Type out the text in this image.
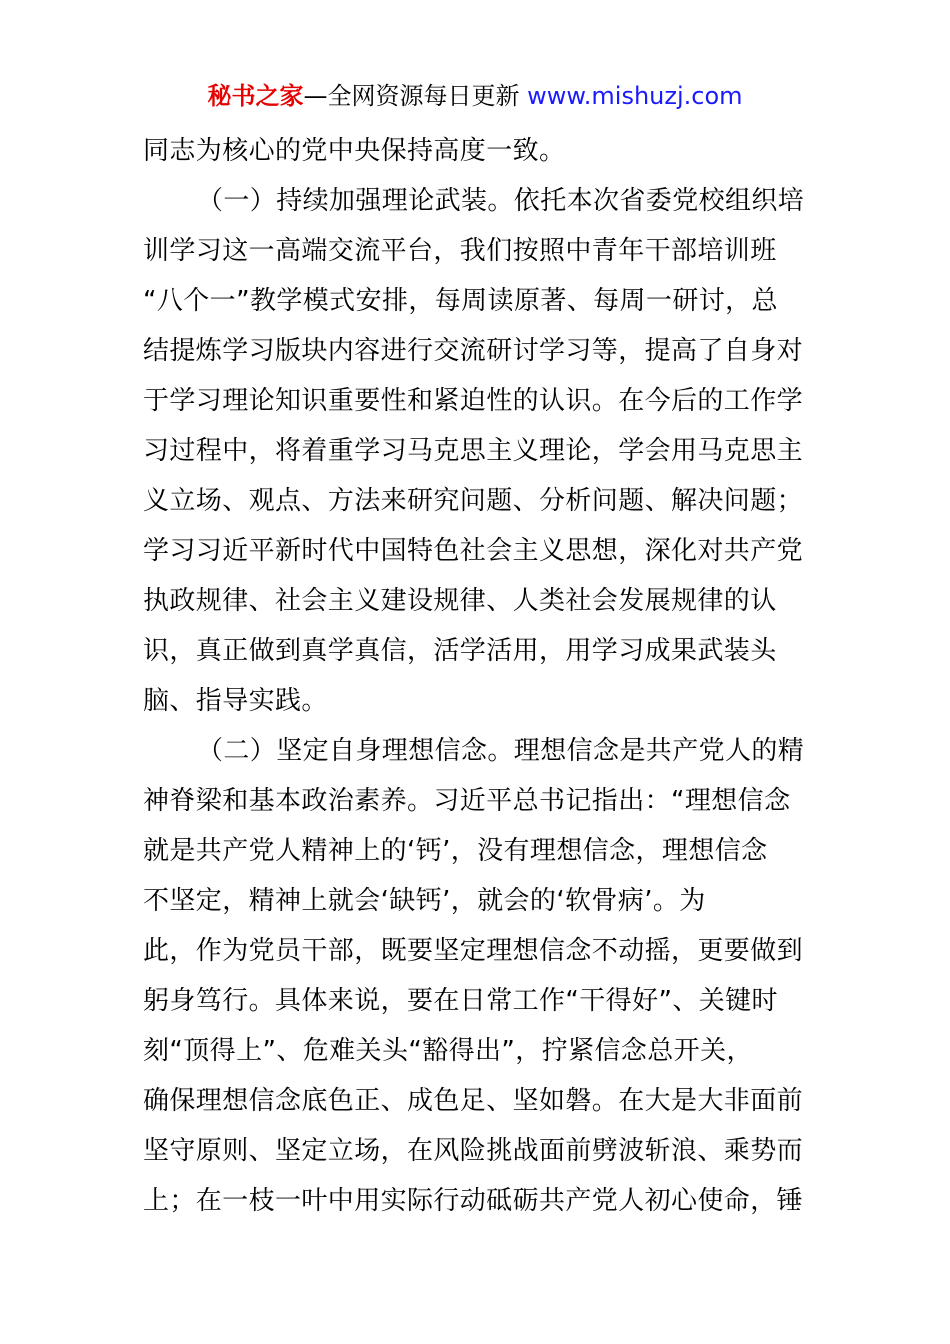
秘书之家—全网资源每日更新 www.mishuzj.com
同志为核心的党中央保持高度一致。
（一）持续加强理论武装。依托本次省委党校组织培
训学习这一高端交流平台，我们按照中青年干部培训班
“八个一”教学模式安排，每周读原著、每周一研讨，总
结提炼学习版块内容进行交流研讨学习等，提高了自身对
于学习理论知识重要性和紧迫性的认识。在今后的工作学
习过程中，将着重学习马克思主义理论，学会用马克思主
义立场、观点、方法来研究问题、分析问题、解决问题；
学习习近平新时代中国特色社会主义思想，深化对共产党
执政规律、社会主义建设规律、人类社会发展规律的认
识，真正做到真学真信，活学活用，用学习成果武装头
脑、指导实践。
（二）坚定自身理想信念。理想信念是共产党人的精
神脊梁和基本政治素养。习近平总书记指出：“理想信念
就是共产党人精神上的‘钙’，没有理想信念，理想信念
不坚定，精神上就会‘缺钙’，就会的‘软骨病’。为
此，作为党员干部，既要坚定理想信念不动摇，更要做到
躬身笃行。具体来说，要在日常工作“干得好”、关键时
刻“顶得上”、危难关头“豁得出”，拧紧信念总开关，
确保理想信念底色正、成色足、坚如磐。在大是大非面前
坚守原则、坚定立场，在风险挑战面前劈波斩浪、乘势而
上；在一枝一叶中用实际行动砥砺共产党人初心使命，锤
